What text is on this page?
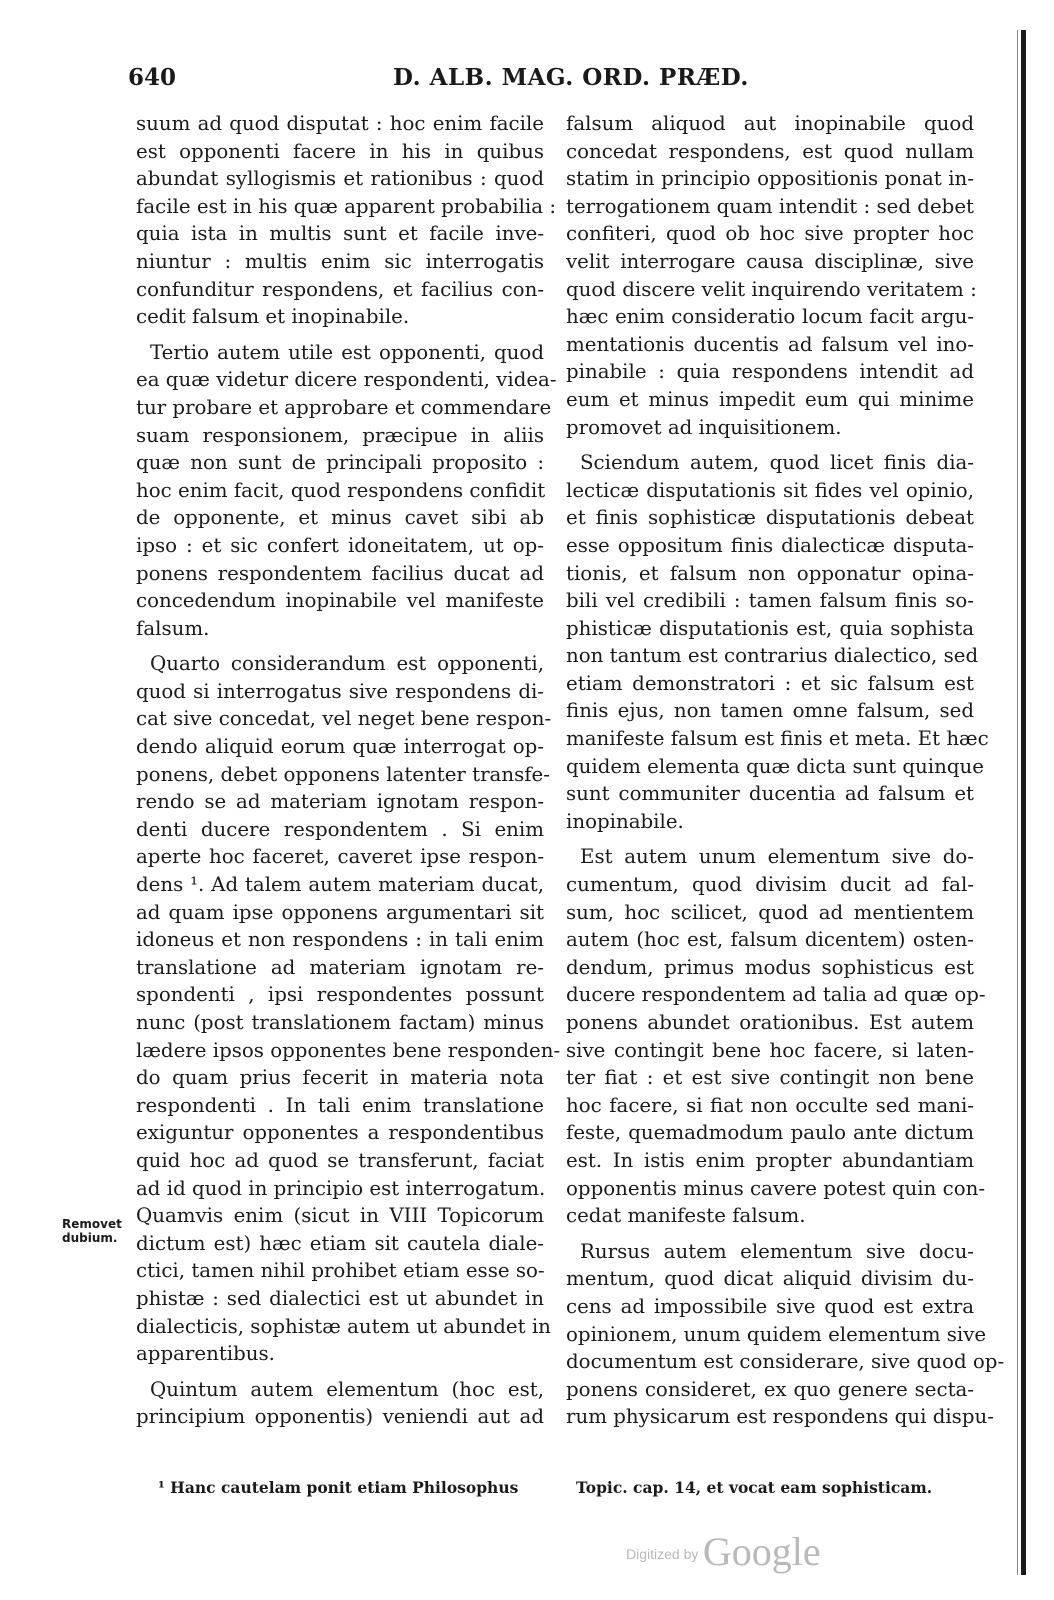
640	D. ALB. MAG. ORD. PRÆD.
suum ad quod disputat : hoc enim facile
est opponenti facere in his in quibus
abundat syllogismis et rationibus : quod
facile est in his quæ apparent probabilia :
quia ista in multis sunt et facile inve-
niuntur : multis enim sic interrogatis
confunditur respondens, et facilius con-
cedit falsum et inopinabile.
Tertio autem utile est opponenti, quod
ea quæ videtur dicere respondenti, videa-
tur probare et approbare et commendare
suam responsionem, præcipue in aliis
quæ non sunt de principali proposito :
hoc enim facit, quod respondens confidit
de opponente, et minus cavet sibi ab
ipso : et sic confert idoneitatem, ut op-
ponens respondentem facilius ducat ad
concedendum inopinabile vel manifeste
falsum.
Quarto considerandum est opponenti,
quod si interrogatus sive respondens di-
cat sive concedat, vel neget bene respon-
dendo aliquid eorum quæ interrogat op-
ponens, debet opponens latenter transfe-
rendo se ad materiam ignotam respon-
denti ducere respondentem . Si enim
aperte hoc faceret, caveret ipse respon-
dens ¹. Ad talem autem materiam ducat,
ad quam ipse opponens argumentari sit
idoneus et non respondens : in tali enim
translatione ad materiam ignotam re-
spondenti , ipsi respondentes possunt
nunc (post translationem factam) minus
lædere ipsos opponentes bene responden-
do quam prius fecerit in materia nota
respondenti . In tali enim translatione
exiguntur opponentes a respondentibus
quid hoc ad quod se transferunt, faciat
ad id quod in principio est interrogatum.
Quamvis enim (sicut in VIII Topicorum
dictum est) hæc etiam sit cautela diale-
ctici, tamen nihil prohibet etiam esse so-
phistæ : sed dialectici est ut abundet in
dialecticis, sophistæ autem ut abundet in
apparentibus.
Quintum autem elementum (hoc est,
principium opponentis) veniendi aut ad
falsum aliquod aut inopinabile quod
concedat respondens, est quod nullam
statim in principio oppositionis ponat in-
terrogationem quam intendit : sed debet
confiteri, quod ob hoc sive propter hoc
velit interrogare causa disciplinæ, sive
quod discere velit inquirendo veritatem :
hæc enim consideratio locum facit argu-
mentationis ducentis ad falsum vel ino-
pinabile : quia respondens intendit ad
eum et minus impedit eum qui minime
promovet ad inquisitionem.
Sciendum autem, quod licet finis dia-
lecticæ disputationis sit fides vel opinio,
et finis sophisticæ disputationis debeat
esse oppositum finis dialecticæ disputa-
tionis, et falsum non opponatur opina-
bili vel credibili : tamen falsum finis so-
phisticæ disputationis est, quia sophista
non tantum est contrarius dialectico, sed
etiam demonstratori : et sic falsum est
finis ejus, non tamen omne falsum, sed
manifeste falsum est finis et meta. Et hæc
quidem elementa quæ dicta sunt quinque
sunt communiter ducentia ad falsum et
inopinabile.
Est autem unum elementum sive do-
cumentum, quod divisim ducit ad fal-
sum, hoc scilicet, quod ad mentientem
autem (hoc est, falsum dicentem) osten-
dendum, primus modus sophisticus est
ducere respondentem ad talia ad quæ op-
ponens abundet orationibus. Est autem
sive contingit bene hoc facere, si laten-
ter fiat : et est sive contingit non bene
hoc facere, si fiat non occulte sed mani-
feste, quemadmodum paulo ante dictum
est. In istis enim propter abundantiam
opponentis minus cavere potest quin con-
cedat manifeste falsum.
Rursus autem elementum sive docu-
mentum, quod dicat aliquid divisim du-
cens ad impossibile sive quod est extra
opinionem, unum quidem elementum sive
documentum est considerare, sive quod op-
ponens consideret, ex quo genere secta-
rum physicarum est respondens qui dispu-
Removet
dubium.
¹ Hanc cautelam ponit etiam Philosophus	Topic. cap. 14, et vocat eam sophisticam.
Digitized by Google
